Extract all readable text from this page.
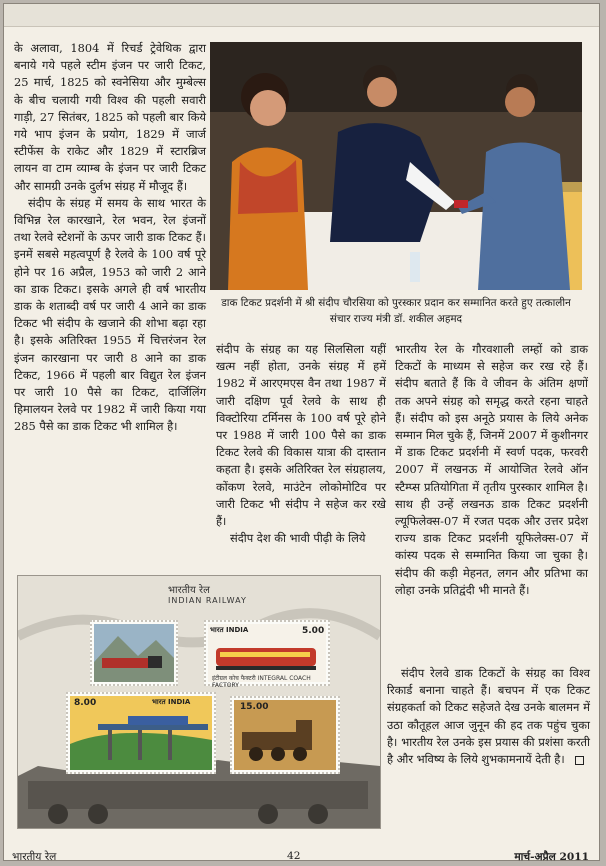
के अलावा, 1804 में रिचर्ड ट्रेवेथिक द्वारा बनाये गये पहले स्टीम इंजन पर जारी टिकट, 25 मार्च, 1825 को स्वनेसिया और मुम्बेल्स के बीच चलायी गयी विश्व की पहली सवारी गाड़ी, 27 सितंबर, 1825 को पहली बार किये गये भाप इंजन के प्रयोग, 1829 में जार्ज स्टीफेंस के राकेट और 1829 में स्टारब्रिज लायन वा टाम व्याम्ब के इंजन पर जारी टिकट और सामग्री उनके दुर्लभ संग्रह में मौजूद हैं।

संदीप के संग्रह में समय के साथ भारत के विभिन्न रेल कारखाने, रेल भवन, रेल इंजनों तथा रेलवे स्टेशनों के ऊपर जारी डाक टिकट हैं। इनमें सबसे महत्वपूर्ण है रेलवे के 100 वर्ष पूरे होने पर 16 अप्रैल, 1953 को जारी 2 आने का डाक टिकट। इसके अगले ही वर्ष भारतीय डाक के शताब्दी वर्ष पर जारी 4 आने का डाक टिकट भी संदीप के खजाने की शोभा बढ़ा रहा है। इसके अतिरिक्त 1955 में चित्तरंजन रेल इंजन कारखाना पर जारी 8 आने का डाक टिकट, 1966 में पहली बार विद्युत रेल इंजन पर जारी 10 पैसे का टिकट, दार्जिलिंग हिमालयन रेलवे पर 1982 में जारी किया गया 285 पैसे का डाक टिकट भी शामिल है।

डाक टिकट प्रदर्शनी में श्री संदीप चौरसिया को पुरस्कार प्रदान कर सम्मानित करते हुए तत्कालीन संचार राज्य मंत्री डॉ. शकील अहमद

संदीप के संग्रह का यह सिलसिला यहीं खत्म नहीं होता, उनके संग्रह में हमें 1982 में आरएमएस वैन तथा 1987 में जारी दक्षिण पूर्व रेलवे के साथ ही विक्टोरिया टर्मिनस के 100 वर्ष पूरे होने पर 1988 में जारी 100 पैसे का डाक टिकट रेलवे की विकास यात्रा की दास्तान कहता है। इसके अतिरिक्त रेल संग्रहालय, कोंकण रेलवे, माउंटेन लोकोमोटिव पर जारी टिकट भी संदीप ने सहेज कर रखे हैं।

संदीप देश की भावी पीढ़ी के लिये

भारतीय रेल के गौरवशाली लम्हों को डाक टिकटों के माध्यम से सहेज कर रख रहे हैं। संदीप बताते हैं कि वे जीवन के अंतिम क्षणों तक अपने संग्रह को समृद्ध करते रहना चाहते हैं। संदीप को इस अनूठे प्रयास के लिये अनेक सम्मान मिल चुके हैं, जिनमें 2007 में कुशीनगर में डाक टिकट प्रदर्शनी में स्वर्ण पदक, फरवरी 2007 में लखनऊ में आयोजित रेलवे ऑन स्टैम्प्स प्रतियोगिता में तृतीय पुरस्कार शामिल है। साथ ही उन्हें लखनऊ डाक टिकट प्रदर्शनी ल्यूफिलेक्स-07 में रजत पदक और उत्तर प्रदेश राज्य डाक टिकट प्रदर्शनी यूफिलेक्स-07 में कांस्य पदक से सम्मानित किया जा चुका है। संदीप की कड़ी मेहनत, लगन और प्रतिभा का लोहा उनके प्रतिद्वंदी भी मानते हैं।

संदीप रेलवे डाक टिकटों के संग्रह का विश्व रिकार्ड बनाना चाहते हैं। बचपन में एक टिकट संग्रहकर्ता को टिकट सहेजते देख उनके बालमन में उठा कौतूहल आज जुनून की हद तक पहुंच चुका है। भारतीय रेल उनके इस प्रयास की प्रशंसा करती है और भविष्य के लिये शुभकामनायें देती है।

भारतीय रेल
INDIAN RAILWAY
भारत INDIA	5.00
इंटीग्रल कोच फैक्टरी INTEGRAL COACH FACTORY
8.00	भारत INDIA	15.00
भारतीय रेल	42	मार्च-अप्रैल 2011
